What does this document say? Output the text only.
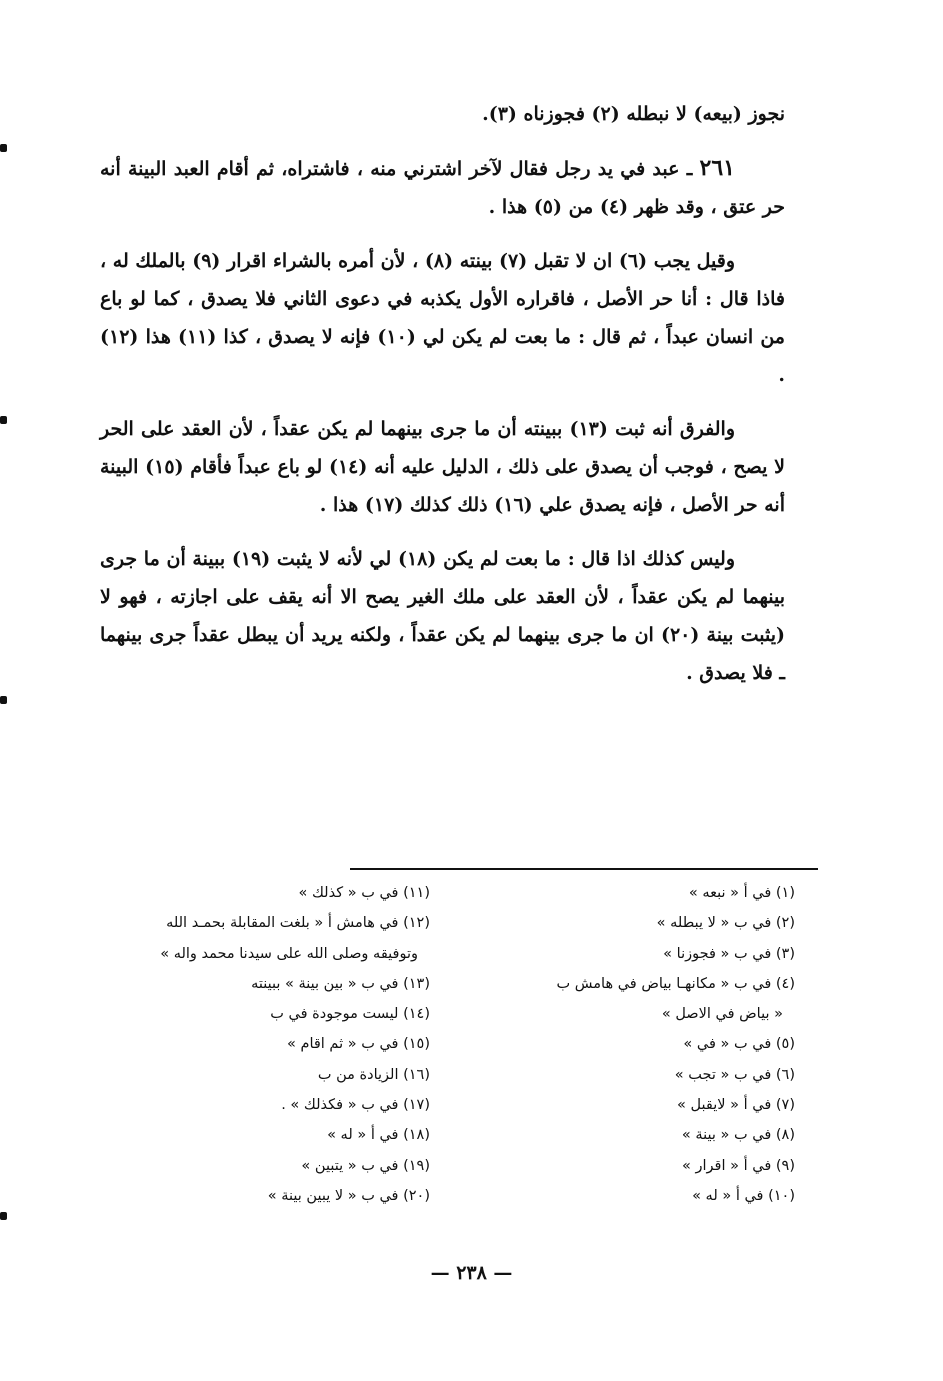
نجوز (بيعه) لا نبطله (٢) فجوزناه (٣).

٢٦١ ـ عبد في يد رجل فقال لآخر اشترني منه ، فاشتراه، ثم أقام العبد البينة أنه حر عتق ، وقد ظهر (٤) من (٥) هذا .

وقيل يجب (٦) ان لا تقبل (٧) بينته (٨) ، لأن أمره بالشراء اقرار (٩) بالملك له ، فاذا قال : أنا حر الأصل ، فاقراره الأول يكذبه في دعوى الثاني فلا يصدق ، كما لو باع من انسان عبداً ، ثم قال : ما بعت لم يكن لي (١٠) فإنه لا يصدق ، كذا (١١) هذا (١٢) .

والفرق أنه ثبت (١٣) ببينته أن ما جرى بينهما لم يكن عقداً ، لأن العقد على الحر لا يصح ، فوجب أن يصدق على ذلك ، الدليل عليه أنه (١٤) لو باع عبداً فأقام (١٥) البينة أنه حر الأصل ، فإنه يصدق علي (١٦) ذلك كذلك (١٧) هذا .

وليس كذلك اذا قال : ما بعت لم يكن (١٨) لي لأنه لا يثبت (١٩) ببينة أن ما جرى بينهما لم يكن عقداً ، لأن العقد على ملك الغير يصح الا أنه يقف على اجازته ، فهو لا (يثبت بينة (٢٠) ان ما جرى بينهما لم يكن عقداً ، ولكنه يريد أن يبطل عقداً جرى بينهما ـ فلا يصدق .

(١) في أ « نبعه »
(٢) في ب « لا يبطله »
(٣) في ب « فجوزنا »
(٤) في ب « مكانهـا بياض في هامش ب
« بياض في الاصل »
(٥) في ب « في »
(٦) في ب « تجب »
(٧) في أ « لايقبل »
(٨) في ب « بينة »
(٩) في أ « اقرار »
(١٠) في أ « له »
(١١) في ب « كذلك »
(١٢) في هامش أ « بلغت المقابلة بحمـد الله
وتوفيقه وصلى الله على سيدنا محمد واله »
(١٣) في ب « بين بينة » ببينته
(١٤) ليست موجودة في ب
(١٥) في ب « ثم اقام »
(١٦) الزيادة من ب
(١٧) في ب « فكذلك » .
(١٨) في أ « له »
(١٩) في ب « يتبين »
(٢٠) في ب « لا يبين بينة »
— ٢٣٨ —
